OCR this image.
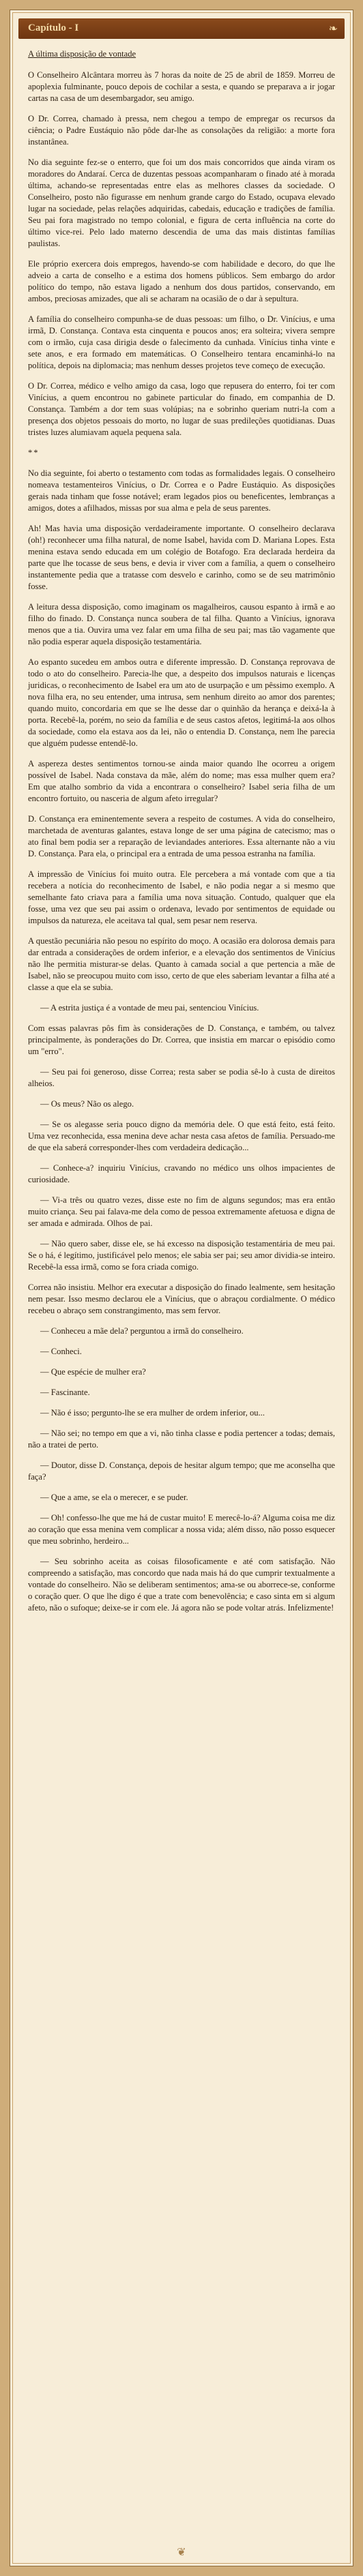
Capítulo - I	❧

A última disposição de vontade

O Conselheiro Alcântara morreu às 7 horas da noite de 25 de abril de 1859. Morreu de apoplexia fulminante, pouco depois de cochilar a sesta, e quando se preparava a ir jogar cartas na casa de um desembargador, seu amigo.

O Dr. Correa, chamado à pressa, nem chegou a tempo de empregar os recursos da ciência; o Padre Eustáquio não pôde dar-lhe as consolações da religião: a morte fora instantânea.

No dia seguinte fez-se o enterro, que foi um dos mais concorridos que ainda viram os moradores do Andaraí. Cerca de duzentas pessoas acompanharam o finado até à morada última, achando-se representadas entre elas as melhores classes da sociedade. O Conselheiro, posto não figurasse em nenhum grande cargo do Estado, ocupava elevado lugar na sociedade, pelas relações adquiridas, cabedais, educação e tradições de família. Seu pai fora magistrado no tempo colonial, e figura de certa influência na corte do último vice-rei. Pelo lado materno descendia de uma das mais distintas famílias paulistas.

Ele próprio exercera dois empregos, havendo-se com habilidade e decoro, do que lhe adveio a carta de conselho e a estima dos homens públicos. Sem embargo do ardor político do tempo, não estava ligado a nenhum dos dous partidos, conservando, em ambos, preciosas amizades, que ali se acharam na ocasião de o dar à sepultura.

A família do conselheiro compunha-se de duas pessoas: um filho, o Dr. Vinícius, e uma irmã, D. Constança. Contava esta cinquenta e poucos anos; era solteira; vivera sempre com o irmão, cuja casa dirigia desde o falecimento da cunhada. Vinícius tinha vinte e sete anos, e era formado em matemáticas. O Conselheiro tentara encaminhá-lo na política, depois na diplomacia; mas nenhum desses projetos teve começo de execução.

O Dr. Correa, médico e velho amigo da casa, logo que repusera do enterro, foi ter com Vinícius, a quem encontrou no gabinete particular do finado, em companhia de D. Constança. Também a dor tem suas volúpias; na e sobrinho queriam nutri-la com a presença dos objetos pessoais do morto, no lugar de suas predileções quotidianas. Duas tristes luzes alumiavam aquela pequena sala.

**

No dia seguinte, foi aberto o testamento com todas as formalidades legais. O conselheiro nomeava testamenteiros Vinícius, o Dr. Correa e o Padre Eustáquio. As disposições gerais nada tinham que fosse notável; eram legados pios ou beneficentes, lembranças a amigos, dotes a afilhados, missas por sua alma e pela de seus parentes.

Ah! Mas havia uma disposição verdadeiramente importante. O conselheiro declarava (oh!) reconhecer uma filha natural, de nome Isabel, havida com D. Mariana Lopes. Esta menina estava sendo educada em um colégio de Botafogo. Era declarada herdeira da parte que lhe tocasse de seus bens, e devia ir viver com a família, a quem o conselheiro instantemente pedia que a tratasse com desvelo e carinho, como se de seu matrimônio fosse.

A leitura dessa disposição, como imaginam os magalheiros, causou espanto à irmã e ao filho do finado. D. Constança nunca soubera de tal filha. Quanto a Vinícius, ignorava menos que a tia. Ouvira uma vez falar em uma filha de seu pai; mas tão vagamente que não podia esperar aquela disposição testamentária.

Ao espanto sucedeu em ambos outra e diferente impressão. D. Constança reprovava de todo o ato do conselheiro. Parecia-lhe que, a despeito dos impulsos naturais e licenças juridicas, o reconhecimento de Isabel era um ato de usurpação e um pêssimo exemplo. A nova filha era, no seu entender, uma intrusa, sem nenhum direito ao amor dos parentes; quando muito, concordaria em que se lhe desse dar o quinhão da herança e deixá-la à porta. Recebê-la, porém, no seio da família e de seus castos afetos, legitimá-la aos olhos da sociedade, como ela estava aos da lei, não o entendia D. Constança, nem lhe parecia que alguém pudesse entendê-lo.

A aspereza destes sentimentos tornou-se ainda maior quando lhe ocorreu a origem possível de Isabel. Nada constava da mãe, além do nome; mas essa mulher quem era? Em que atalho sombrio da vida a encontrara o conselheiro? Isabel seria filha de um encontro fortuito, ou nasceria de algum afeto irregular?

D. Constança era eminentemente severa a respeito de costumes. A vida do conselheiro, marchetada de aventuras galantes, estava longe de ser uma página de catecismo; mas o ato final bem podia ser a reparação de leviandades anteriores. Essa alternante não a viu D. Constança. Para ela, o principal era a entrada de uma pessoa estranha na família.

A impressão de Vinícius foi muito outra. Ele percebera a má vontade com que a tia recebera a notícia do reconhecimento de Isabel, e não podia negar a si mesmo que semelhante fato criava para a família uma nova situação. Contudo, qualquer que ela fosse, uma vez que seu pai assim o ordenava, levado por sentimentos de equidade ou impulsos da natureza, ele aceitava tal qual, sem pesar nem reserva.

A questão pecuniária não pesou no espírito do moço. A ocasião era dolorosa demais para dar entrada a considerações de ordem inferior, e a elevação dos sentimentos de Vinícius não lhe permitia misturar-se delas. Quanto à camada social a que pertencia a mãe de Isabel, não se preocupou muito com isso, certo de que eles saberiam levantar a filha até a classe a que ela se subia.

— A estrita justiça é a vontade de meu pai, sentenciou Vinícius.

Com essas palavras pôs fim às considerações de D. Constança, e também, ou talvez principalmente, às ponderações do Dr. Correa, que insistia em marcar o episódio como um "erro".

— Seu pai foi generoso, disse Correa; resta saber se podia sê-lo à custa de direitos alheios.

— Os meus? Não os alego.

— Se os alegasse seria pouco digno da memória dele. O que está feito, está feito. Uma vez reconhecida, essa menina deve achar nesta casa afetos de família. Persuado-me de que ela saberá corresponder-lhes com verdadeira dedicação...

— Conhece-a? inquiriu Vinícius, cravando no médico uns olhos impacientes de curiosidade.

— Vi-a três ou quatro vezes, disse este no fim de alguns segundos; mas era então muito criança. Seu pai falava-me dela como de pessoa extremamente afetuosa e digna de ser amada e admirada. Olhos de pai.

— Não quero saber, disse ele, se há excesso na disposição testamentária de meu pai. Se o há, é legítimo, justificável pelo menos; ele sabia ser pai; seu amor dividia-se inteiro. Recebê-la essa irmã, como se fora criada comigo.

Correa não insistiu. Melhor era executar a disposição do finado lealmente, sem hesitação nem pesar. Isso mesmo declarou ele a Vinícius, que o abraçou cordialmente. O médico recebeu o abraço sem constrangimento, mas sem fervor.

— Conheceu a mãe dela? perguntou a irmã do conselheiro.

— Conheci.

— Que espécie de mulher era?

— Fascinante.

— Não é isso; pergunto-lhe se era mulher de ordem inferior, ou...

— Não sei; no tempo em que a vi, não tinha classe e podia pertencer a todas; demais, não a tratei de perto.

— Doutor, disse D. Constança, depois de hesitar algum tempo; que me aconselha que faça?

— Que a ame, se ela o merecer, e se puder.

— Oh! confesso-lhe que me há de custar muito! E merecê-lo-á? Alguma coisa me diz ao coração que essa menina vem complicar a nossa vida; além disso, não posso esquecer que meu sobrinho, herdeiro...

— Seu sobrinho aceita as coisas filosoficamente e até com satisfação. Não compreendo a satisfação, mas concordo que nada mais há do que cumprir textualmente a vontade do conselheiro. Não se deliberam sentimentos; ama-se ou aborrece-se, conforme o coração quer. O que lhe digo é que a trate com benevolência; e caso sinta em si algum afeto, não o sufoque; deixe-se ir com ele. Já agora não se pode voltar atrás. Infelizmente!

❦
